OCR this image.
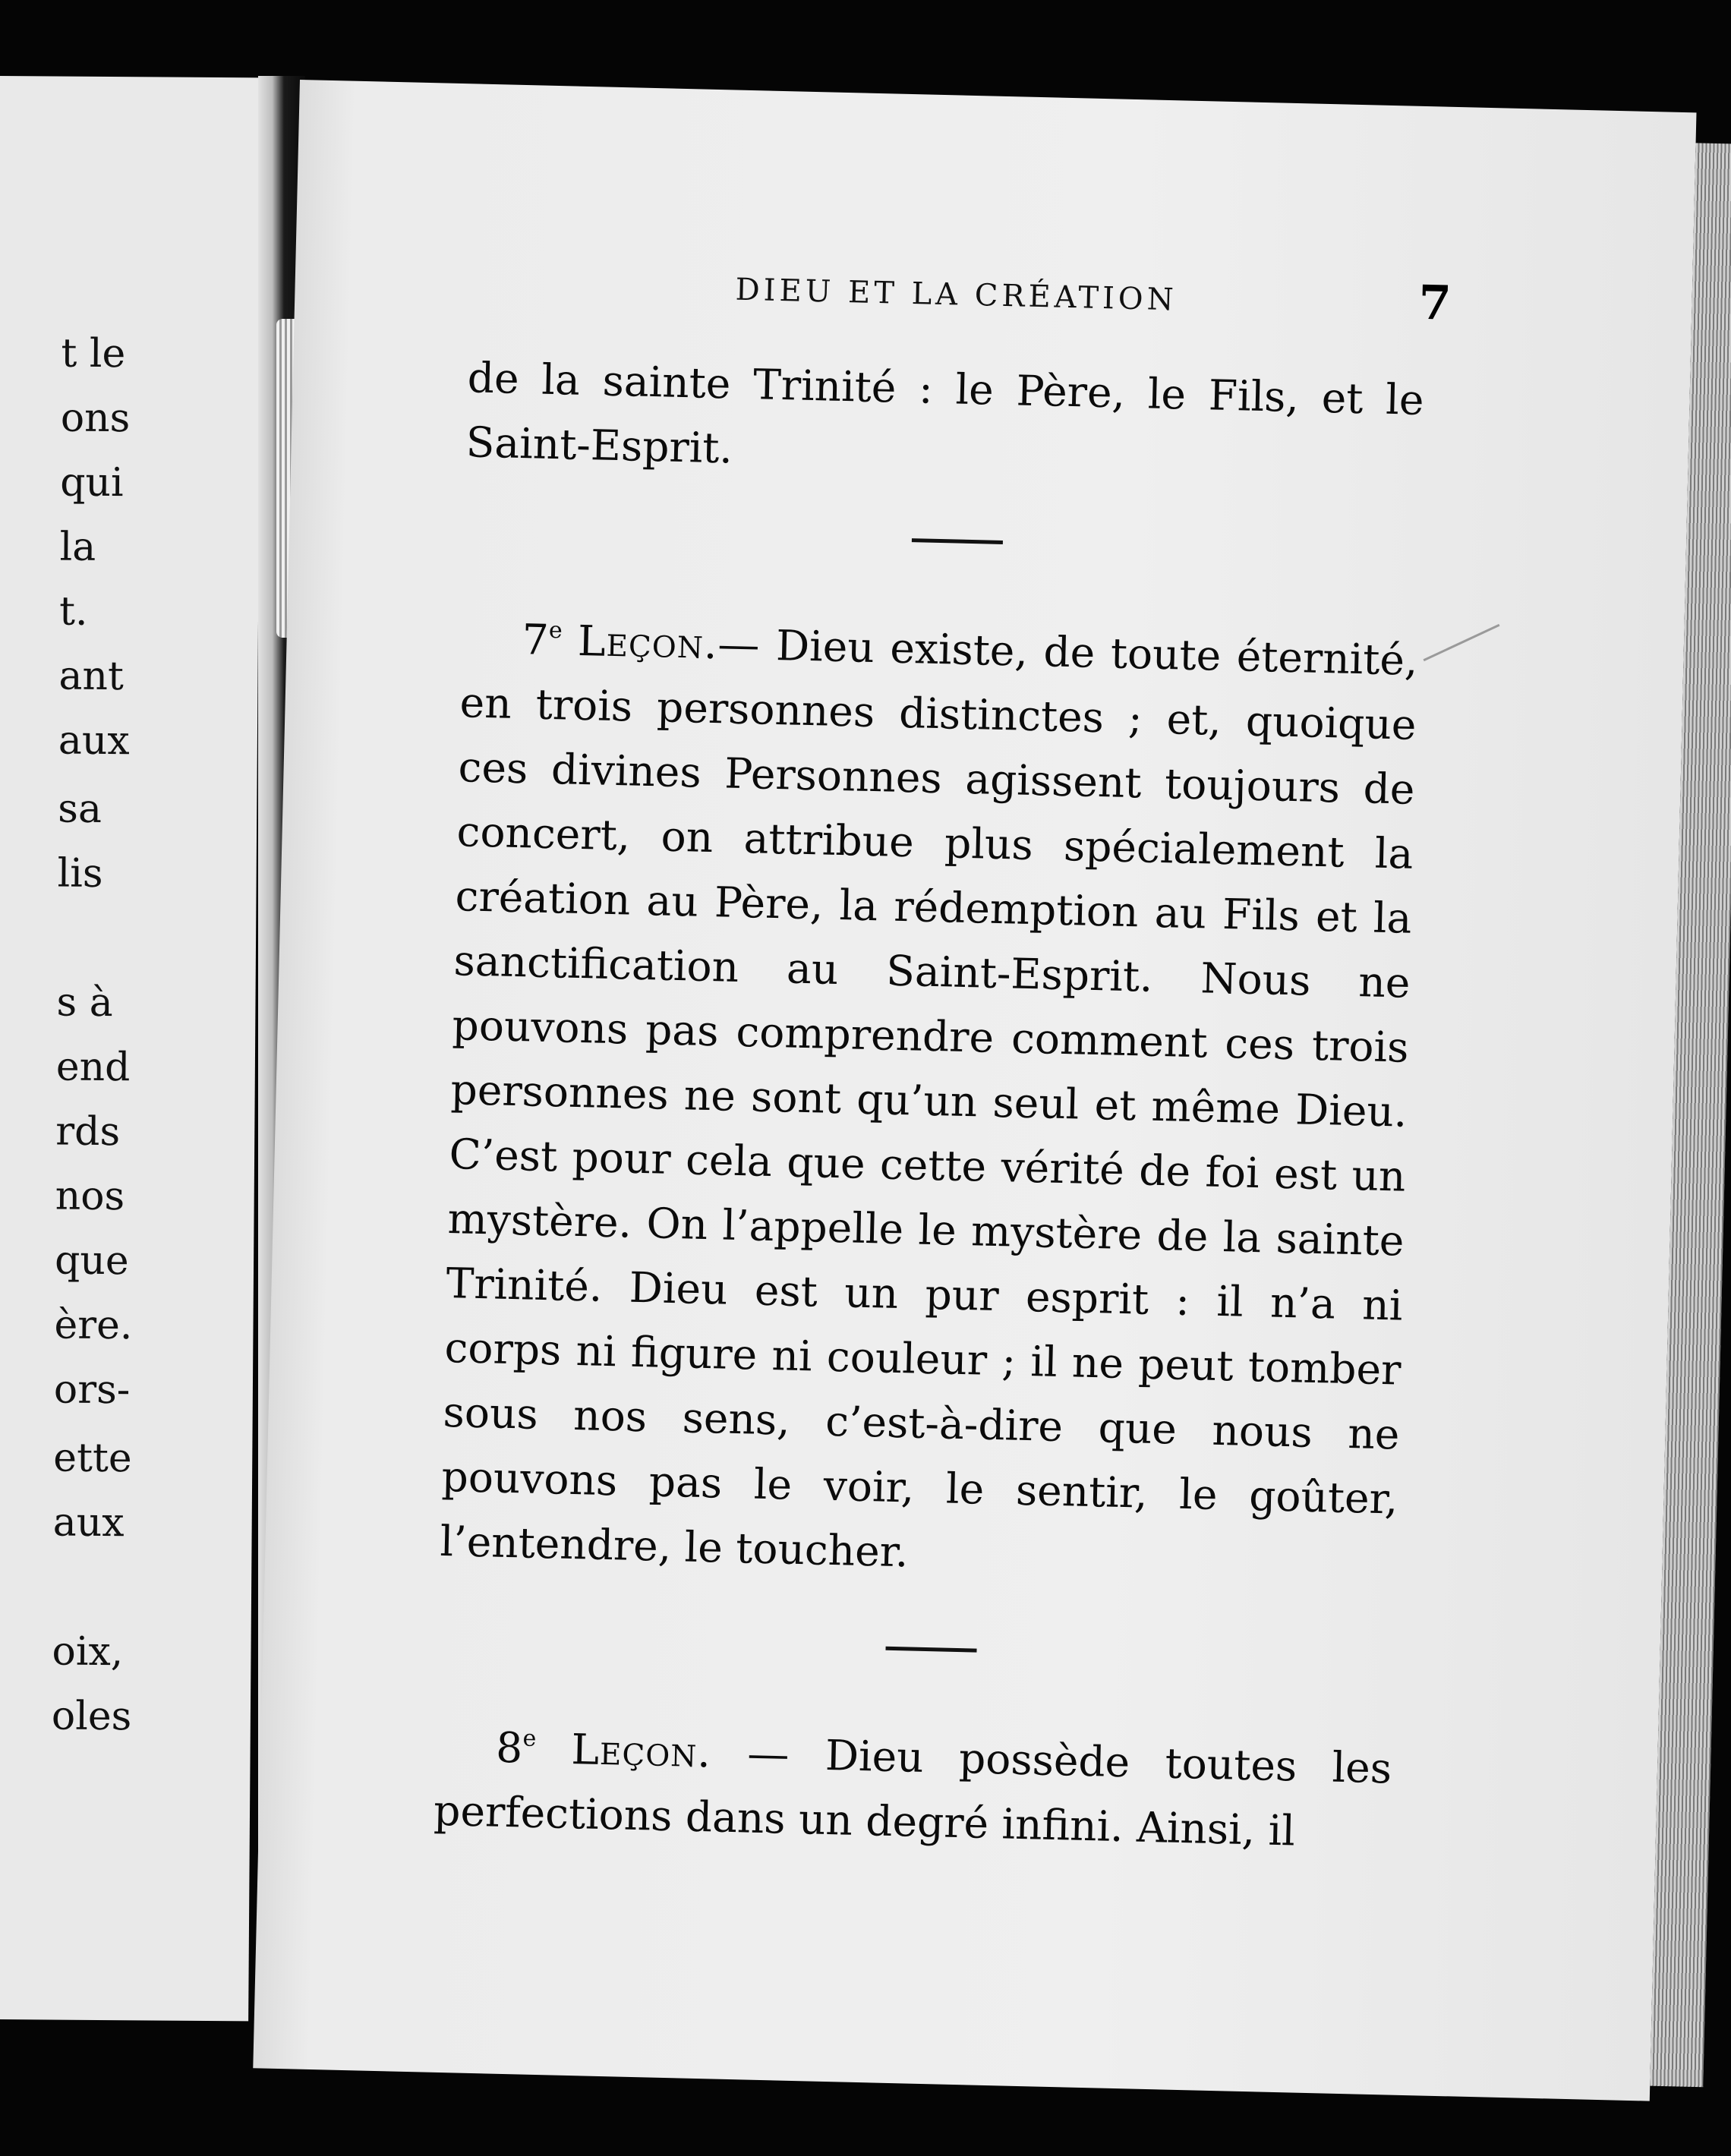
t le
ons
qui
la
t.
ant
aux
sa
lis
s à
end
rds
nos
que
ère.
ors-
ette
aux
oix,
oles
DIEU ET LA CRÉATION	7

de la sainte Trinité : le Père, le Fils, et le Saint-Esprit.

7e Leçon.— Dieu existe, de toute éternité, en trois personnes distinctes ; et, quoique ces divines Personnes agissent toujours de concert, on attribue plus spécialement la création au Père, la rédemption au Fils et la sanctification au Saint-Esprit. Nous ne pouvons pas comprendre comment ces trois personnes ne sont qu’un seul et même Dieu. C’est pour cela que cette vérité de foi est un mystère. On l’appelle le mystère de la sainte Trinité. Dieu est un pur esprit : il n’a ni corps ni figure ni couleur ; il ne peut tomber sous nos sens, c’est-à-dire que nous ne pouvons pas le voir, le sentir, le goûter, l’entendre, le toucher.

8e Leçon. — Dieu possède toutes les perfections dans un degré infini. Ainsi, il
